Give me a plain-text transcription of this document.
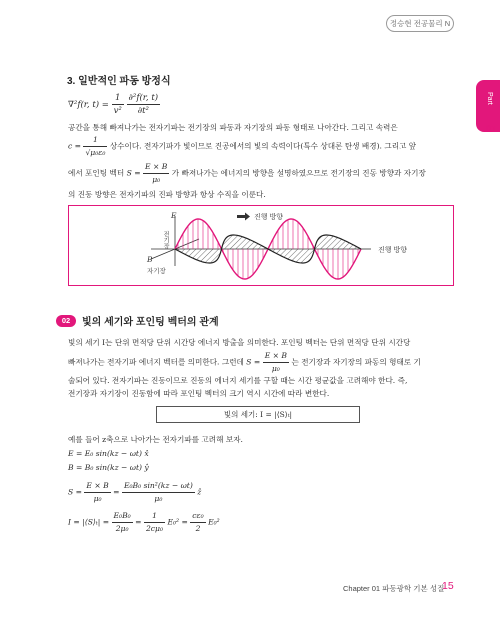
정승현 전공물리 N
Part
01
3. 일반적인 파동 방정식
∇²f(r, $t) = \frac{1}{\text{v²}}$
$\frac{\text{∂²f(r, t)}}{\text{∂t²}}$
공간을 통해 빠져나가는 전자기파는 전기장의 파동과 자기장의 파동 형태로 나아간다. 그리고 속력은
$c = \frac{1}{\text{√μ₀ε₀}}$ 상수이다. 전자기파가 빛이므로 진공에서의 빛의 속력이다(특수 상대론 탄생 배경). 그리고 앞
에서 포인팅 벡터 $S = \frac{E \times B}{\text{μ₀}}$ 가 빠져나가는 에너지의 방향을 설명하였으므로 전기장의 진동 방향과 자기장
의 진동 방향은 전자기파의 진파 방향과 항상 수직을 이룬다.
진행 방향
진행 방향
E
전기장
B
자기장
02	빛의 세기와 포인팅 벡터의 관계
빛의 세기 I는 단위 면적당 단위 시간당 에너지 방출을 의미한다. 포인팅 벡터는 단위 면적당 단위 시간당
빠져나가는 전자기파 에너지 벡터를 의미한다. 그런데 $S = \frac{E \times B}{\text{μ₀}}$ 는 전기장과 자기장의 파동의 형태로 기
술되어 있다. 전자기파는 진동이므로 진동의 에너지 세기를 구할 때는 시간 평균값을 고려해야 한다. 즉,
전기장과 자기장이 진동함에 따라 포인팅 벡터의 크기 역시 시간에 따라 변한다.
빛의 세기: I = |⟨S⟩ₜ|
예를 들어 z축으로 나아가는 전자기파를 고려해 보자.
E = E₀ sin(kz − ωt) x̂
B = B₀ sin(kz − ωt) ŷ
$S = \frac{E \times B}{\text{μ₀}} = \frac{\text{E₀B₀ sin²(kz − ωt)}}{\text{μ₀}}$ ẑ
I = |⟨S⟩ₜ| = $\frac{\text{E₀B₀}}{\text{2μ₀}} = \frac{1}{\text{2cμ₀}} E_0^2 = \frac{\text{cε₀}}{2} E_0^2$
Chapter 01 파동광학 기본 성질
15
